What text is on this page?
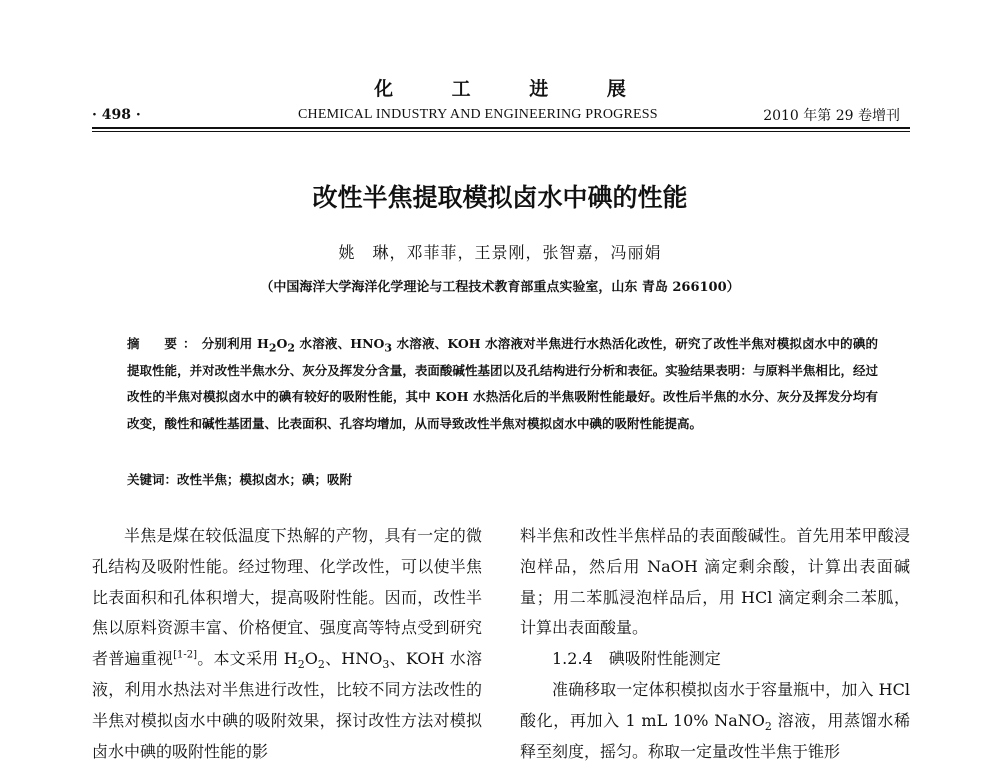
化 工 进 展
· 498 ·	CHEMICAL INDUSTRY AND ENGINEERING PROGRESS	2010 年第 29 卷增刊
改性半焦提取模拟卤水中碘的性能
姚　琳，邓菲菲，王景刚，张智嘉，冯丽娟
（中国海洋大学海洋化学理论与工程技术教育部重点实验室，山东 青岛 266100）
摘　要：分别利用 $H_2O_2$ 水溶液、$HNO_3$ 水溶液、KOH 水溶液对半焦进行水热活化改性，研究了改性半焦对模拟卤水中的碘的提取性能，并对改性半焦水分、灰分及挥发分含量，表面酸碱性基团以及孔结构进行分析和表征。实验结果表明：与原料半焦相比，经过改性的半焦对模拟卤水中的碘有较好的吸附性能，其中 KOH 水热活化后的半焦吸附性能最好。改性后半焦的水分、灰分及挥发分均有改变，酸性和碱性基团量、比表面积、孔容均增加，从而导致改性半焦对模拟卤水中碘的吸附性能提高。
关键词：改性半焦；模拟卤水；碘；吸附

半焦是煤在较低温度下热解的产物，具有一定的微孔结构及吸附性能。经过物理、化学改性，可以使半焦比表面积和孔体积增大，提高吸附性能。因而，改性半焦以原料资源丰富、价格便宜、强度高等特点受到研究者普遍重视[1-2]。本文采用 $H_2O_2$、$HNO_3$、KOH 水溶液，利用水热法对半焦进行改性，比较不同方法改性的半焦对模拟卤水中碘的吸附效果，探讨改性方法对模拟卤水中碘的吸附性能的影

料半焦和改性半焦样品的表面酸碱性。首先用苯甲酸浸泡样品，然后用 NaOH 滴定剩余酸，计算出表面碱量；用二苯胍浸泡样品后，用 HCl 滴定剩余二苯胍，计算出表面酸量。

1.2.4　碘吸附性能测定

准确移取一定体积模拟卤水于容量瓶中，加入 HCl 酸化，再加入 1 mL 10% NaNO$_2$ 溶液，用蒸馏水稀释至刻度，摇匀。称取一定量改性半焦于锥形
